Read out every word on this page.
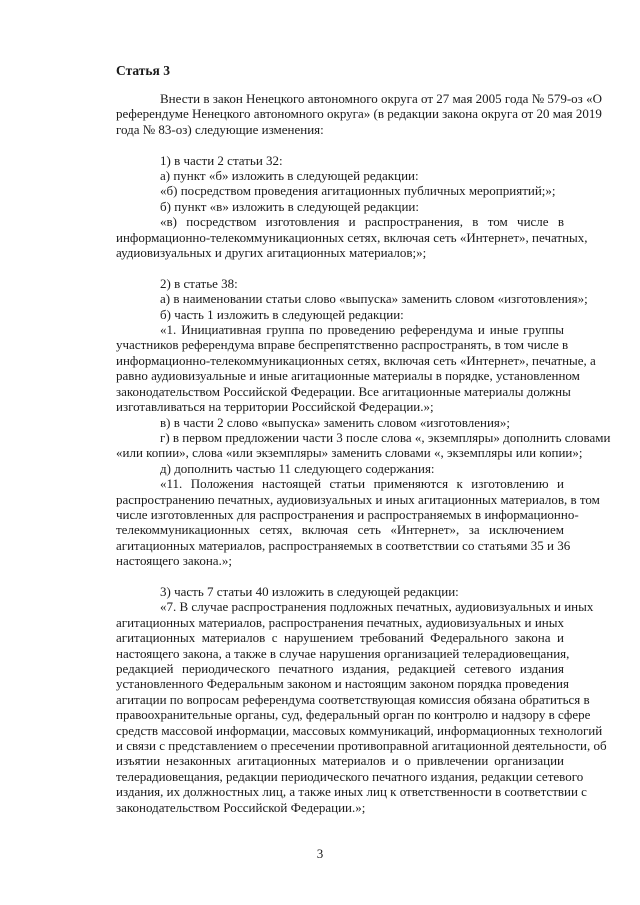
Статья 3
Внести в закон Ненецкого автономного округа от 27 мая 2005 года № 579-оз «О
референдуме Ненецкого автономного округа» (в редакции закона округа от 20 мая 2019
года № 83-оз) следующие изменения:
1) в части 2 статьи 32:
а) пункт «б» изложить в следующей редакции:
«б) посредством проведения агитационных публичных мероприятий;»;
б) пункт «в» изложить в следующей редакции:
«в) посредством изготовления и распространения, в том числе в
информационно-телекоммуникационных сетях, включая сеть «Интернет», печатных,
аудиовизуальных и других агитационных материалов;»;
2) в статье 38:
а) в наименовании статьи слово «выпуска» заменить словом «изготовления»;
б) часть 1 изложить в следующей редакции:
«1. Инициативная группа по проведению референдума и иные группы
участников референдума вправе беспрепятственно распространять, в том числе в
информационно-телекоммуникационных сетях, включая сеть «Интернет», печатные, а
равно аудиовизуальные и иные агитационные материалы в порядке, установленном
законодательством Российской Федерации. Все агитационные материалы должны
изготавливаться на территории Российской Федерации.»;
в) в части 2 слово «выпуска» заменить словом «изготовления»;
г) в первом предложении части 3 после слова «, экземпляры» дополнить словами
«или копии», слова «или экземпляры» заменить словами «, экземпляры или копии»;
д) дополнить частью 11 следующего содержания:
«11. Положения настоящей статьи применяются к изготовлению и
распространению печатных, аудиовизуальных и иных агитационных материалов, в том
числе изготовленных для распространения и распространяемых в информационно-
телекоммуникационных сетях, включая сеть «Интернет», за исключением
агитационных материалов, распространяемых в соответствии со статьями 35 и 36
настоящего закона.»;
3) часть 7 статьи 40 изложить в следующей редакции:
«7. В случае распространения подложных печатных, аудиовизуальных и иных
агитационных материалов, распространения печатных, аудиовизуальных и иных
агитационных материалов с нарушением требований Федерального закона и
настоящего закона, а также в случае нарушения организацией телерадиовещания,
редакцией периодического печатного издания, редакцией сетевого издания
установленного Федеральным законом и настоящим законом порядка проведения
агитации по вопросам референдума соответствующая комиссия обязана обратиться в
правоохранительные органы, суд, федеральный орган по контролю и надзору в сфере
средств массовой информации, массовых коммуникаций, информационных технологий
и связи с представлением о пресечении противоправной агитационной деятельности, об
изъятии незаконных агитационных материалов и о привлечении организации
телерадиовещания, редакции периодического печатного издания, редакции сетевого
издания, их должностных лиц, а также иных лиц к ответственности в соответствии с
законодательством Российской Федерации.»;
3
